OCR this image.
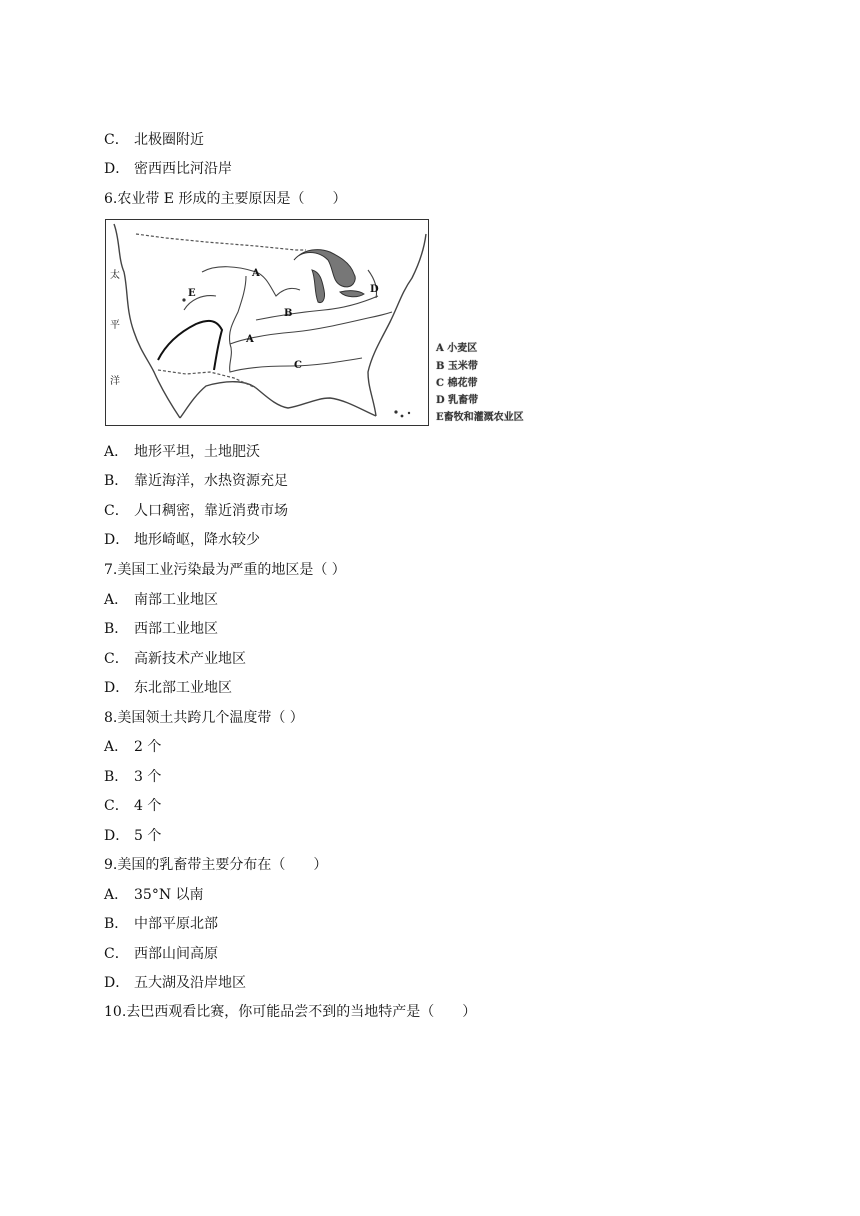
C． 北极圈附近
D． 密西西比河沿岸
6.农业带 E 形成的主要原因是（　　）
A
A
B
C
D
E
太
平
洋
A 小麦区
B 玉米带
C 棉花带
D 乳畜带
E畜牧和灌溉农业区
A． 地形平坦，土地肥沃
B． 靠近海洋，水热资源充足
C． 人口稠密，靠近消费市场
D． 地形崎岖，降水较少
7.美国工业污染最为严重的地区是（ ）
A． 南部工业地区
B． 西部工业地区
C． 高新技术产业地区
D． 东北部工业地区
8.美国领土共跨几个温度带（ ）
A． 2 个
B． 3 个
C． 4 个
D． 5 个
9.美国的乳畜带主要分布在（　　）
A． 35°N 以南
B． 中部平原北部
C． 西部山间高原
D． 五大湖及沿岸地区
10.去巴西观看比赛，你可能品尝不到的当地特产是（　　）
